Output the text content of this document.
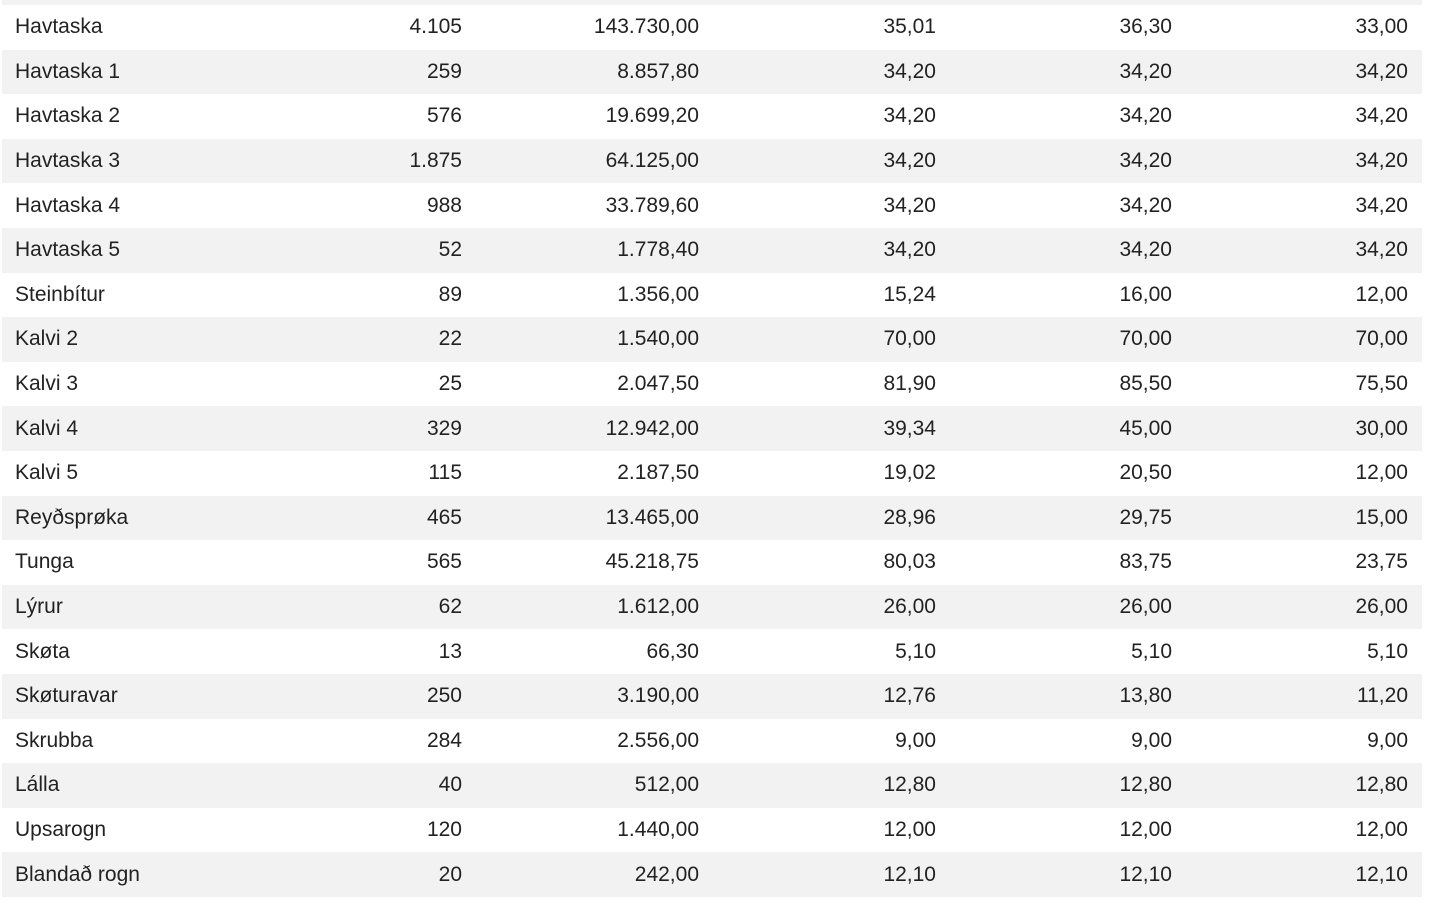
Havtaska	4.105	143.730,00	35,01	36,30	33,00
Havtaska 1	259	8.857,80	34,20	34,20	34,20
Havtaska 2	576	19.699,20	34,20	34,20	34,20
Havtaska 3	1.875	64.125,00	34,20	34,20	34,20
Havtaska 4	988	33.789,60	34,20	34,20	34,20
Havtaska 5	52	1.778,40	34,20	34,20	34,20
Steinbítur	89	1.356,00	15,24	16,00	12,00
Kalvi 2	22	1.540,00	70,00	70,00	70,00
Kalvi 3	25	2.047,50	81,90	85,50	75,50
Kalvi 4	329	12.942,00	39,34	45,00	30,00
Kalvi 5	115	2.187,50	19,02	20,50	12,00
Reyðsprøka	465	13.465,00	28,96	29,75	15,00
Tunga	565	45.218,75	80,03	83,75	23,75
Lýrur	62	1.612,00	26,00	26,00	26,00
Skøta	13	66,30	5,10	5,10	5,10
Skøturavar	250	3.190,00	12,76	13,80	11,20
Skrubba	284	2.556,00	9,00	9,00	9,00
Lálla	40	512,00	12,80	12,80	12,80
Upsarogn	120	1.440,00	12,00	12,00	12,00
Blandað rogn	20	242,00	12,10	12,10	12,10
